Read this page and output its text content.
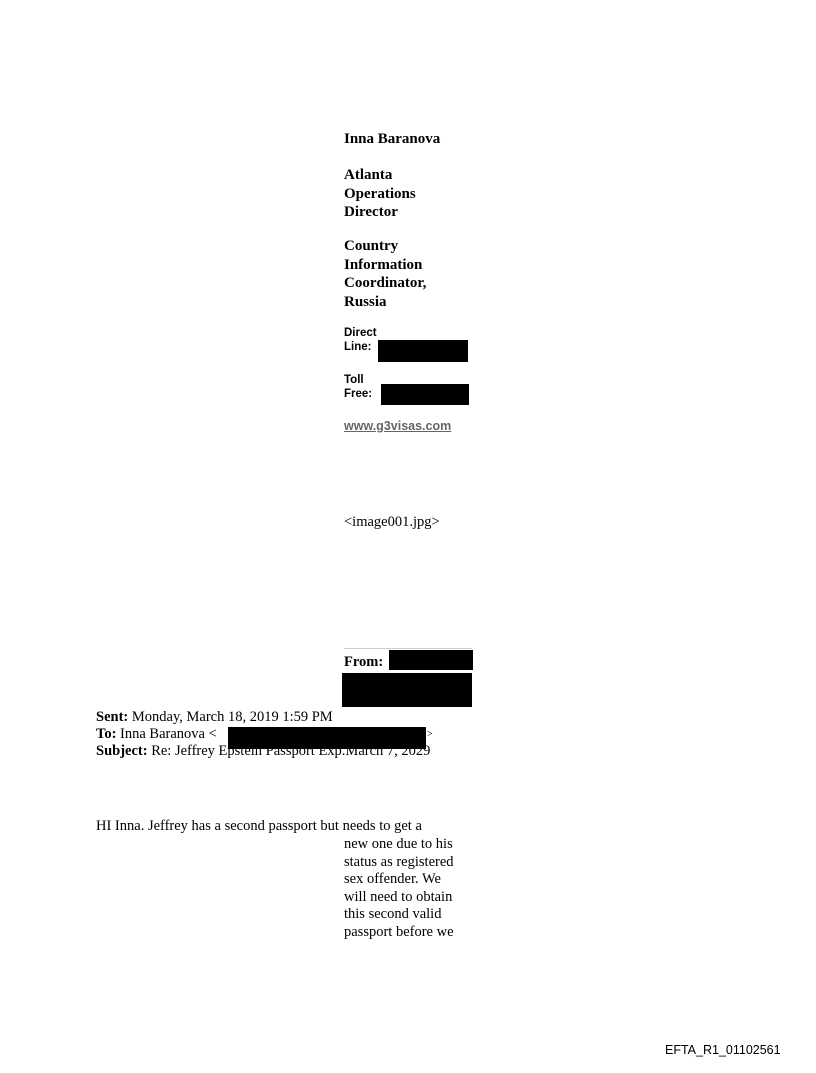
Inna Baranova
Atlanta
Operations
Director
Country
Information
Coordinator,
Russia
Direct
Line:
Toll
Free:
www.g3visas.com
<image001.jpg>
From:
Sent: Monday, March 18, 2019 1:59 PM
To: Inna Baranova <	>
Subject: Re: Jeffrey Epstein Passport Exp.March 7, 2029
HI Inna. Jeffrey has a second passport but needs to get a
new one due to his
status as registered
sex offender. We
will need to obtain
this second valid
passport before we
EFTA_R1_01102561
